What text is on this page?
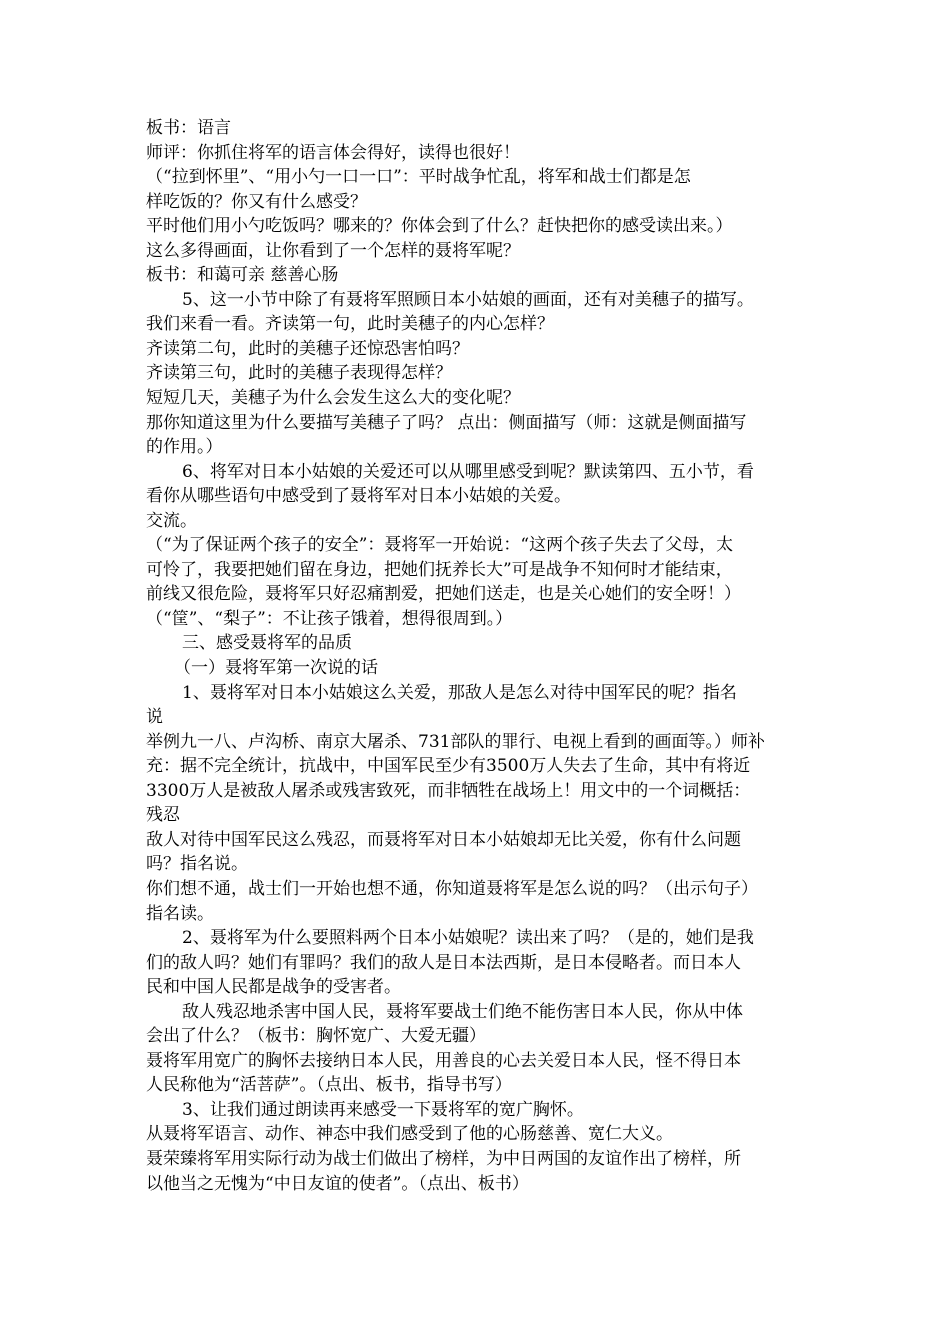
板书：语言
师评：你抓住将军的语言体会得好，读得也很好！
（“拉到怀里”、“用小勺一口一口”：平时战争忙乱，将军和战士们都是怎
样吃饭的？你又有什么感受？
平时他们用小勺吃饭吗？哪来的？你体会到了什么？赶快把你的感受读出来。）
这么多得画面，让你看到了一个怎样的聂将军呢？
板书：和蔼可亲 慈善心肠
5、这一小节中除了有聂将军照顾日本小姑娘的画面，还有对美穗子的描写。
我们来看一看。齐读第一句，此时美穗子的内心怎样？
齐读第二句，此时的美穗子还惊恐害怕吗？
齐读第三句，此时的美穗子表现得怎样？
短短几天，美穗子为什么会发生这么大的变化呢？
那你知道这里为什么要描写美穗子了吗？ 点出：侧面描写（师：这就是侧面描写
的作用。）
6、将军对日本小姑娘的关爱还可以从哪里感受到呢？默读第四、五小节，看
看你从哪些语句中感受到了聂将军对日本小姑娘的关爱。
交流。
（“为了保证两个孩子的安全”：聂将军一开始说：“这两个孩子失去了父母，太
可怜了，我要把她们留在身边，把她们抚养长大”可是战争不知何时才能结束，
前线又很危险，聂将军只好忍痛割爱，把她们送走，也是关心她们的安全呀！）
（“筐”、“梨子”：不让孩子饿着，想得很周到。）
三、感受聂将军的品质
（一）聂将军第一次说的话
1、聂将军对日本小姑娘这么关爱，那敌人是怎么对待中国军民的呢？指名
说
举例九一八、卢沟桥、南京大屠杀、731部队的罪行、电视上看到的画面等。）师补
充：据不完全统计，抗战中，中国军民至少有3500万人失去了生命，其中有将近
3300万人是被敌人屠杀或残害致死，而非牺牲在战场上！用文中的一个词概括：
残忍
敌人对待中国军民这么残忍，而聂将军对日本小姑娘却无比关爱，你有什么问题
吗？指名说。
你们想不通，战士们一开始也想不通，你知道聂将军是怎么说的吗？（出示句子）
指名读。
2、聂将军为什么要照料两个日本小姑娘呢？读出来了吗？（是的，她们是我
们的敌人吗？她们有罪吗？我们的敌人是日本法西斯，是日本侵略者。而日本人
民和中国人民都是战争的受害者。
敌人残忍地杀害中国人民，聂将军要战士们绝不能伤害日本人民，你从中体
会出了什么？（板书：胸怀宽广、大爱无疆）
聂将军用宽广的胸怀去接纳日本人民，用善良的心去关爱日本人民，怪不得日本
人民称他为“活菩萨”。（点出、板书，指导书写）
3、让我们通过朗读再来感受一下聂将军的宽广胸怀。
从聂将军语言、动作、神态中我们感受到了他的心肠慈善、宽仁大义。
聂荣臻将军用实际行动为战士们做出了榜样，为中日两国的友谊作出了榜样，所
以他当之无愧为“中日友谊的使者”。（点出、板书）
